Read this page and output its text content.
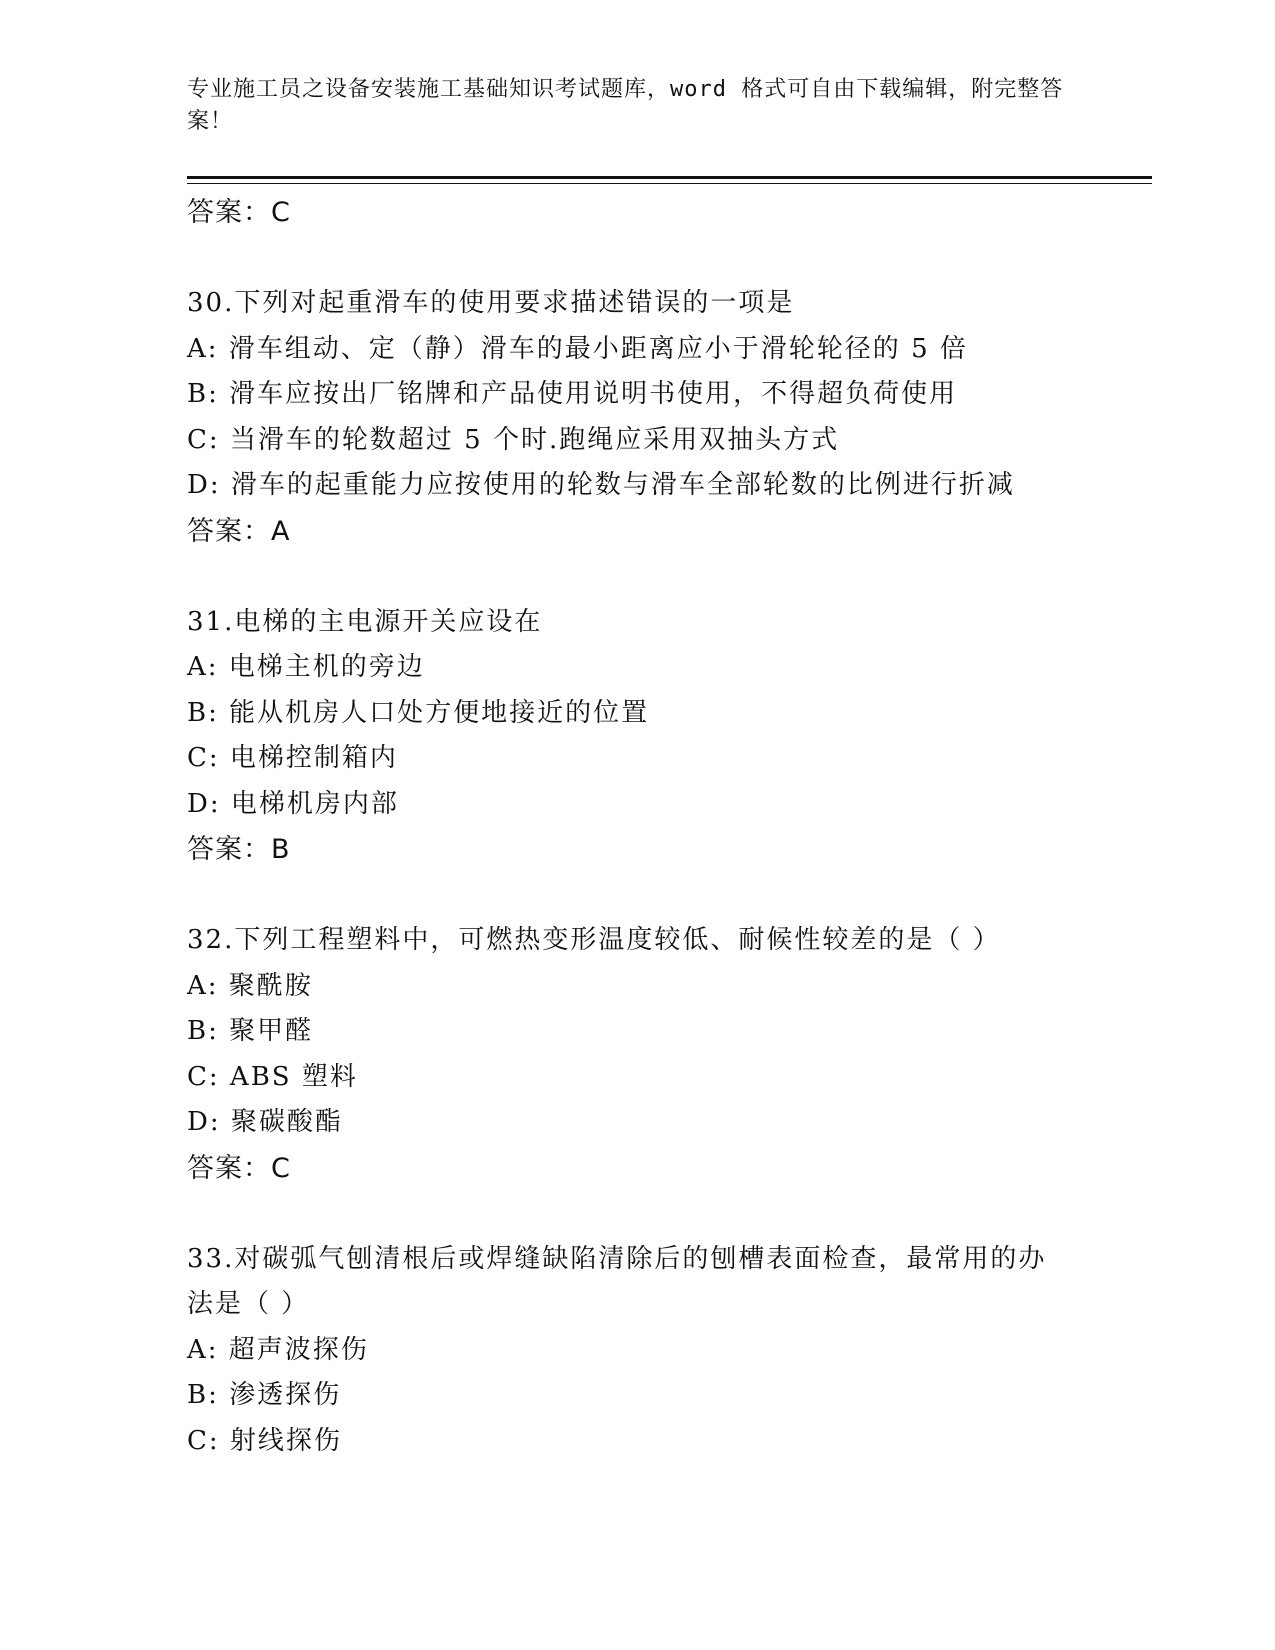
专业施工员之设备安装施工基础知识考试题库，word 格式可自由下载编辑，附完整答案！
答案：C
30.下列对起重滑车的使用要求描述错误的一项是
A: 滑车组动、定（静）滑车的最小距离应小于滑轮轮径的 5 倍
B: 滑车应按出厂铭牌和产品使用说明书使用，不得超负荷使用
C: 当滑车的轮数超过 5 个时.跑绳应采用双抽头方式
D: 滑车的起重能力应按使用的轮数与滑车全部轮数的比例进行折减
答案：A
31.电梯的主电源开关应设在
A: 电梯主机的旁边
B: 能从机房人口处方便地接近的位置
C: 电梯控制箱内
D: 电梯机房内部
答案：B
32.下列工程塑料中，可燃热变形温度较低、耐候性较差的是（ ）
A: 聚酰胺
B: 聚甲醛
C: ABS 塑料
D: 聚碳酸酯
答案：C
33.对碳弧气刨清根后或焊缝缺陷清除后的刨槽表面检查，最常用的办法是（ ）
A: 超声波探伤
B: 渗透探伤
C: 射线探伤
